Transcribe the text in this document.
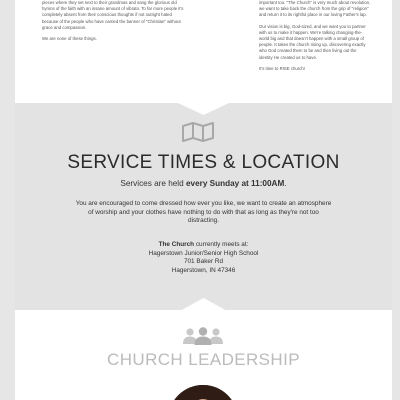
pieces where they set next to their grandmas and sang the glorious old hymns of the faith with an insane amount of vibrato. To far more people it's completely absent from their conscious thoughts if not outright hated because of the people who have carried the banner of "Christian" without grace and compassion.

We are none of these things.

important too. "The Church" is very much about revolution, we want to take back the church from the grip of "religion" and return it to its rightful place in our loving Father's lap.

Our vision is big, God-sized, and we want you to partner with us to make it happen. We're talking changing-the-world big and that doesn't happen with a small group of people. It takes the church rising up, discovering exactly who God created them to be and then living out the identity He created us to have.

It's time to RISE church!

SERVICE TIMES & LOCATION
Services are held every Sunday at 11:00AM.
You are encouraged to come dressed how ever you like, we want to create an atmosphere of worship and your clothes have nothing to do with that as long as they're not too distracting.
The Church currently meets at:
Hagerstown Junior/Senior High School
701 Baker Rd
Hagerstown, IN 47346
CHURCH LEADERSHIP
